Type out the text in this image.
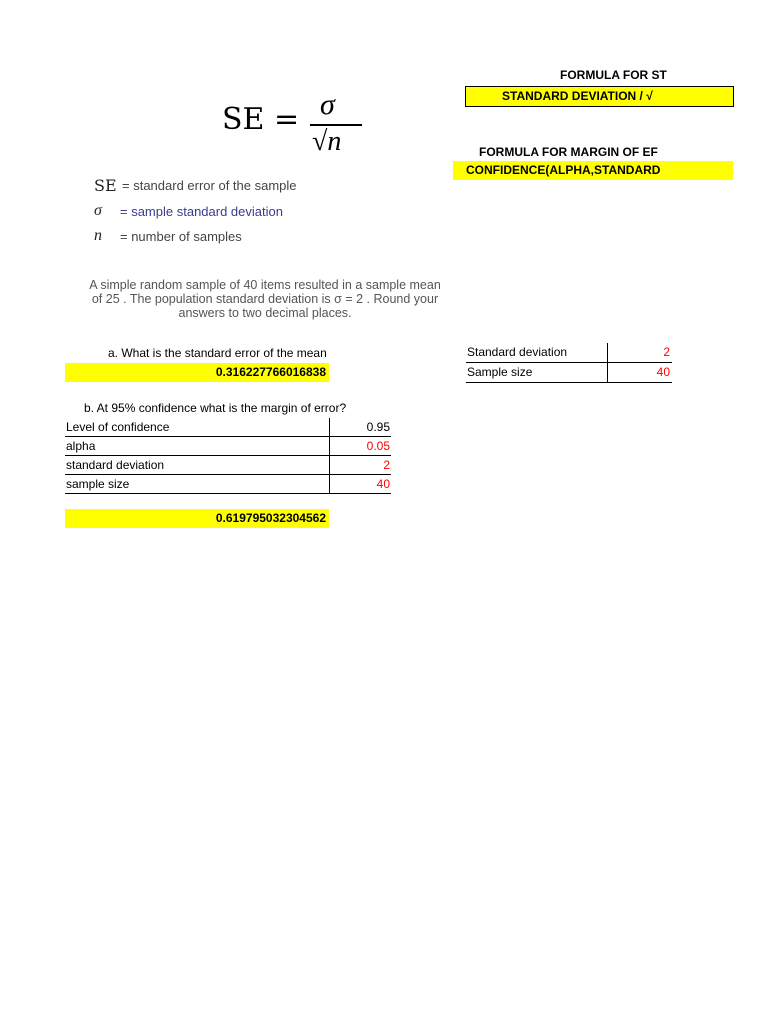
SE = σ
√n
SE = standard error of the sample
σ = sample standard deviation
n = number of samples
A simple random sample of 40 items resulted in a sample mean
of 25 . The population standard deviation is σ = 2 . Round your
answers to two decimal places.
FORMULA FOR ST
STANDARD DEVIATION / √
FORMULA FOR MARGIN OF EF
CONFIDENCE(ALPHA,STANDARD
Standard deviation	2
Sample size	40
a. What is the standard error of the mean
0.316227766016838
b. At 95% confidence what is the margin of error?
Level of confidence	0.95
alpha	0.05
standard deviation	2
sample size	40
0.619795032304562
